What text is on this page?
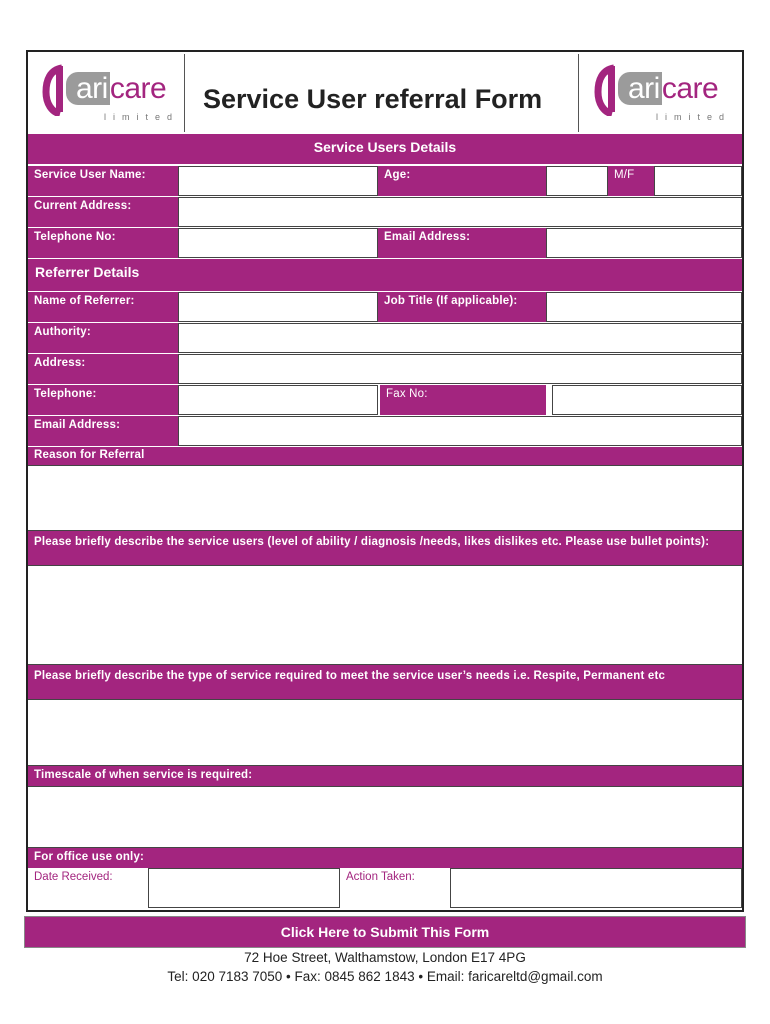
aricare
limited
Service User referral Form	aricare
limited
Service Users Details
Service User Name:	Age:	M/F
Current Address:
Telephone No:	Email Address:
Referrer Details
Name of Referrer:	Job Title (If applicable):
Authority:
Address:
Telephone:	Fax No:
Email Address:
Reason for Referral
Please briefly describe the service users (level of ability / diagnosis /needs, likes dislikes etc. Please use bullet points):
Please briefly describe the type of service required to meet the service user’s needs i.e. Respite, Permanent etc
Timescale of when service is required:
For office use only:
Date Received:	Action Taken:
Click Here to Submit This Form
72 Hoe Street, Walthamstow, London E17 4PG
Tel: 020 7183 7050 • Fax: 0845 862 1843 • Email: faricareltd@gmail.com
